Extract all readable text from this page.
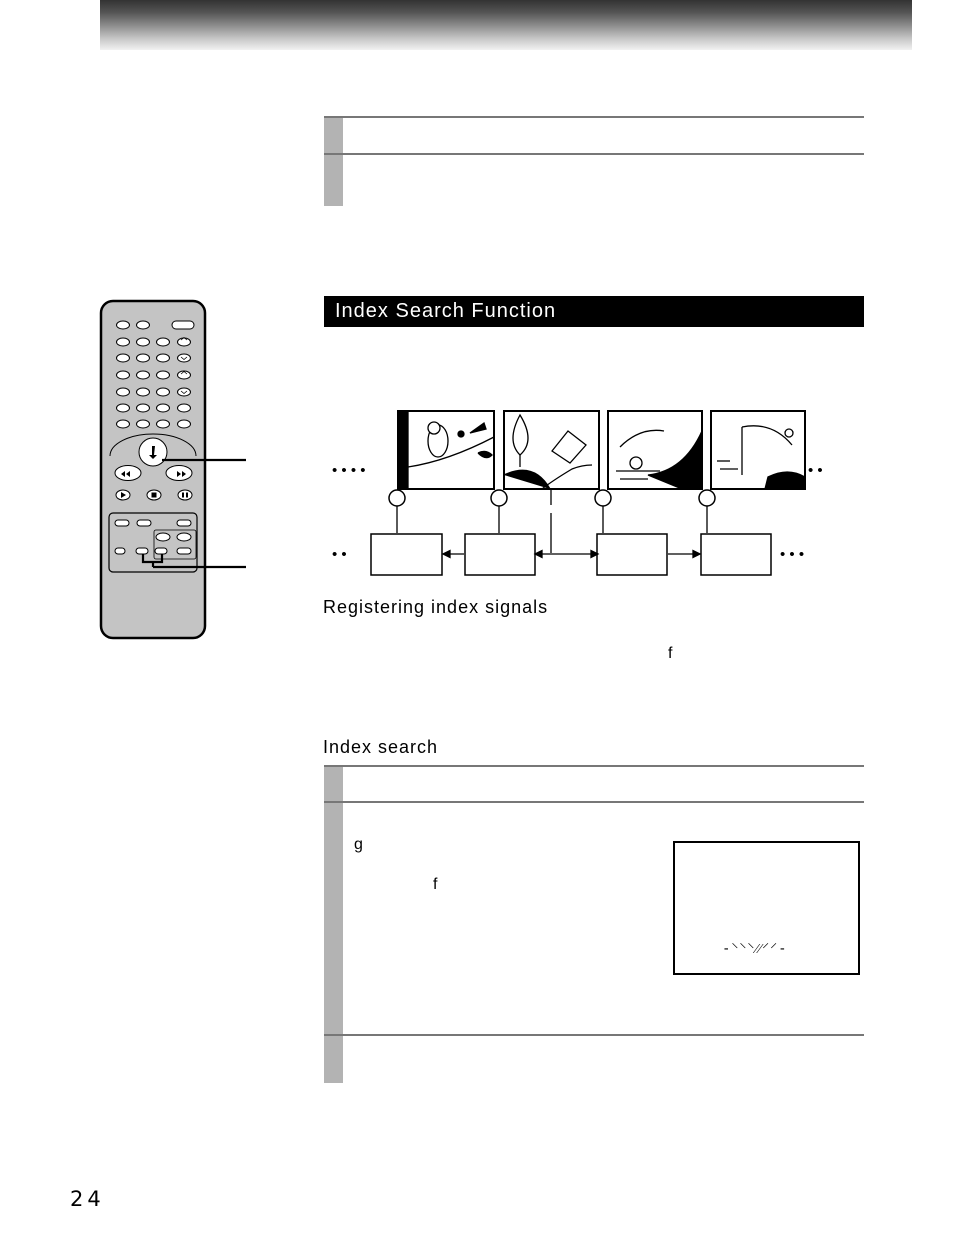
Index Search Function
• • • •	• •
• •	• • •
Registering index signals
f
Index search
g
f
-⸌⸌⸌⁄⁄⸍⸍-
24
